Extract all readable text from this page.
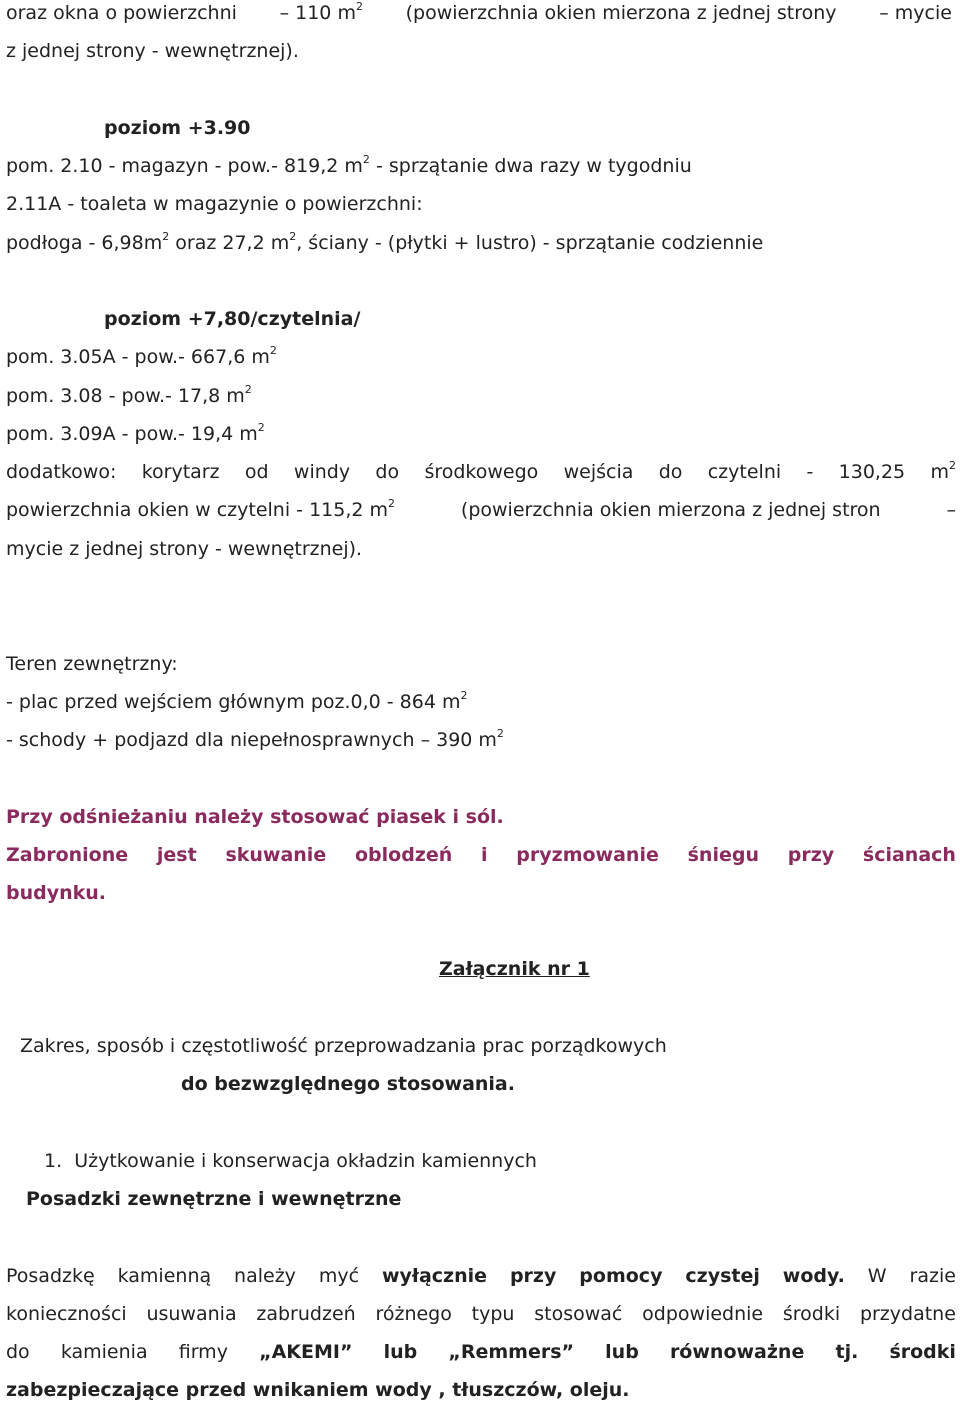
oraz okna o powierzchni – 110 $m^2$ (powierzchnia okien mierzona z jednej strony – mycie
z jednej strony - wewnętrznej).
poziom +3.90
pom. 2.10 - magazyn - pow.- 819,2 $m^2$ - sprzątanie dwa razy w tygodniu
2.11A - toaleta w magazynie o powierzchni:
podłoga - $6,98m^2$ oraz 27,2 $m^2$, ściany - (płytki + lustro) - sprzątanie codziennie
poziom +7,80/czytelnia/
pom. 3.05A - pow.- 667,6 $m^2$
pom. 3.08 - pow.- 17,8 $m^2$
pom. 3.09A - pow.- 19,4 $m^2$
dodatkowo: korytarz od windy do środkowego wejścia do czytelni - 130,25 $m^2$
powierzchnia okien w czytelni - 115,2 $m^2$	(powierzchnia okien mierzona z jednej stron	–
mycie z jednej strony - wewnętrznej).
Teren zewnętrzny:
- plac przed wejściem głównym poz.0,0 - 864 $m^2$
- schody + podjazd dla niepełnosprawnych – 390 $m^2$
Przy odśnieżaniu należy stosować piasek i sól.
Zabronione jest skuwanie oblodzeń i pryzmowanie śniegu przy ścianach
budynku.
Załącznik nr 1
Zakres, sposób i częstotliwość przeprowadzania prac porządkowych
do bezwzględnego stosowania.
1. Użytkowanie i konserwacja okładzin kamiennych
Posadzki zewnętrzne i wewnętrzne
Posadzkę kamienną należy myć wyłącznie przy pomocy czystej wody. W razie
konieczności usuwania zabrudzeń różnego typu stosować odpowiednie środki przydatne
do kamienia firmy „AKEMI” lub „Remmers” lub równoważne tj. środki
zabezpieczające przed wnikaniem wody , tłuszczów, oleju.
